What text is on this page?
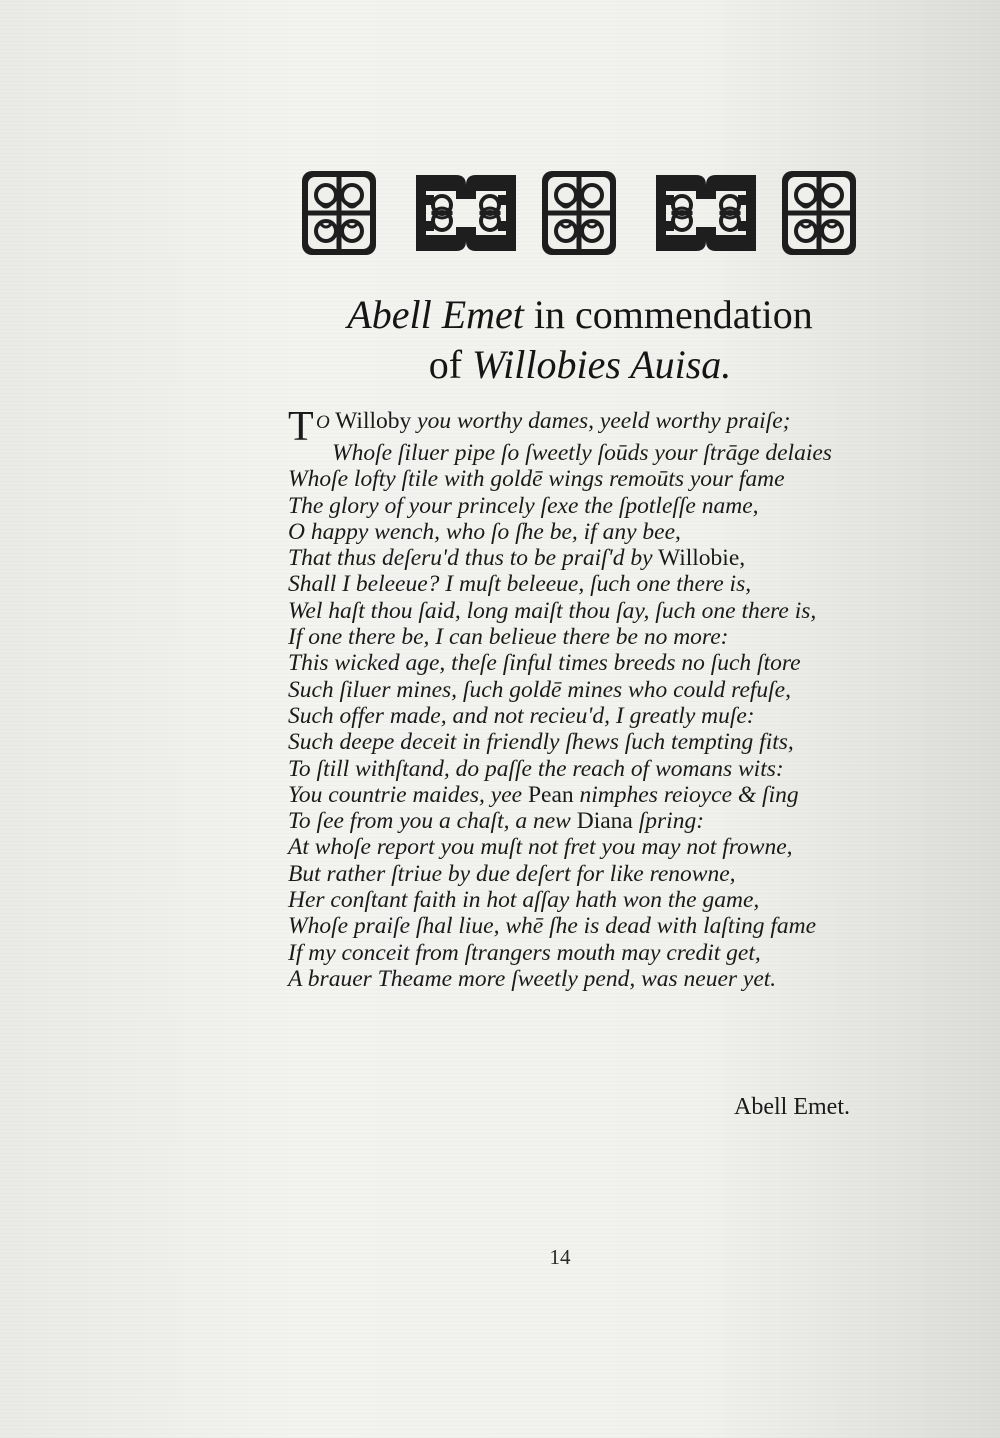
Abell Emet in commendation
of Willobies Auisa.
T O Willoby you worthy dames, yeeld worthy praiſe;
Whoſe ſiluer pipe ſo ſweetly ſoūds your ſtrāge delaies
Whoſe lofty ſtile with goldē wings remoūts your fame
The glory of your princely ſexe the ſpotleſſe name,
O happy wench, who ſo ſhe be, if any bee,
That thus deſeru'd thus to be praiſ'd by Willobie,
Shall I beleeue? I muſt beleeue, ſuch one there is,
Wel haſt thou ſaid, long maiſt thou ſay, ſuch one there is,
If one there be, I can belieue there be no more:
This wicked age, theſe ſinful times breeds no ſuch ſtore
Such ſiluer mines, ſuch goldē mines who could refuſe,
Such offer made, and not recieu'd, I greatly muſe:
Such deepe deceit in friendly ſhews ſuch tempting fits,
To ſtill withſtand, do paſſe the reach of womans wits:
You countrie maides, yee Pean nimphes reioyce & ſing
To ſee from you a chaſt, a new Diana ſpring:
At whoſe report you muſt not fret you may not frowne,
But rather ſtriue by due deſert for like renowne,
Her conſtant faith in hot aſſay hath won the game,
Whoſe praiſe ſhal liue, whē ſhe is dead with laſting fame
If my conceit from ſtrangers mouth may credit get,
A brauer Theame more ſweetly pend, was neuer yet.
Abell Emet.
14
